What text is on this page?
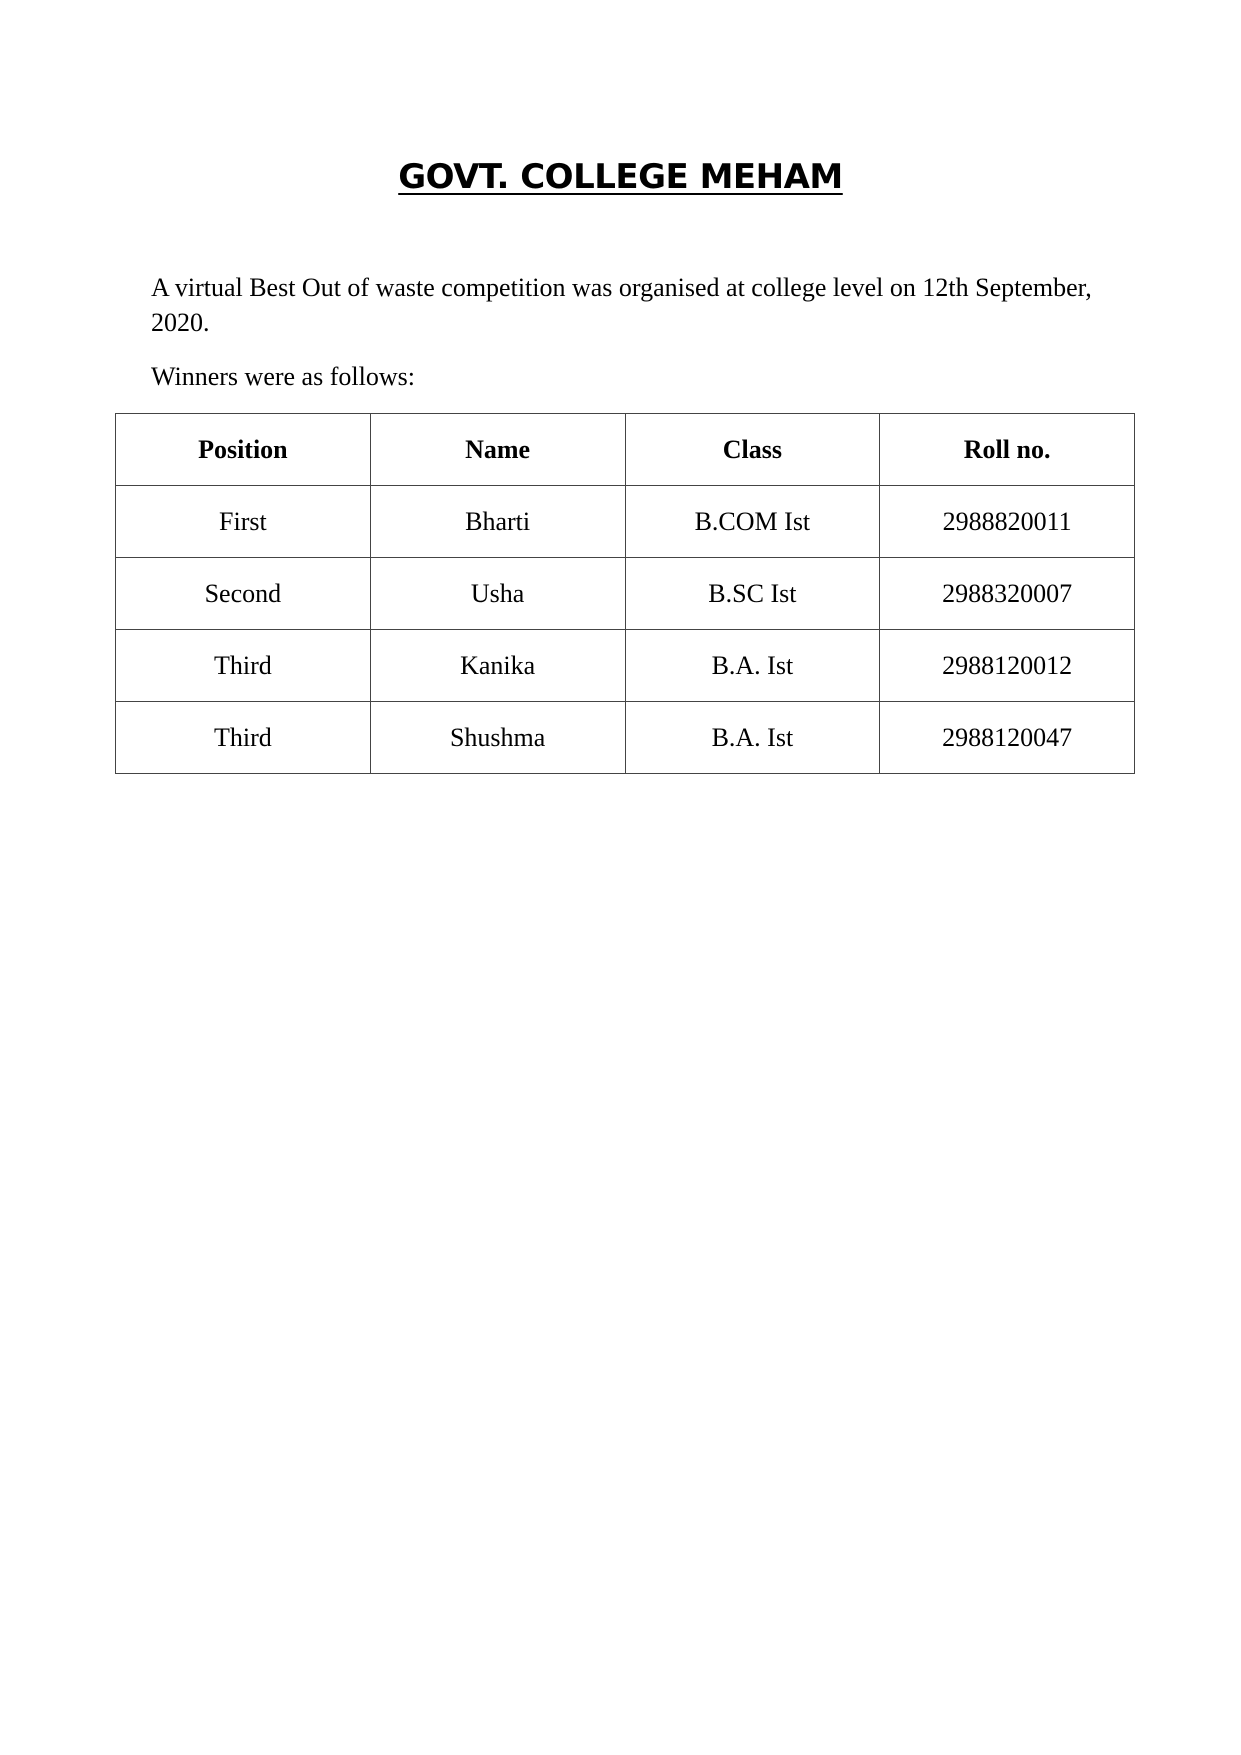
GOVT. COLLEGE MEHAM

A virtual Best Out of waste competition was organised at college level on 12th September, 2020.

Winners were as follows:

Position	Name	Class	Roll no.
First	Bharti	B.COM Ist	2988820011
Second	Usha	B.SC Ist	2988320007
Third	Kanika	B.A. Ist	2988120012
Third	Shushma	B.A. Ist	2988120047
